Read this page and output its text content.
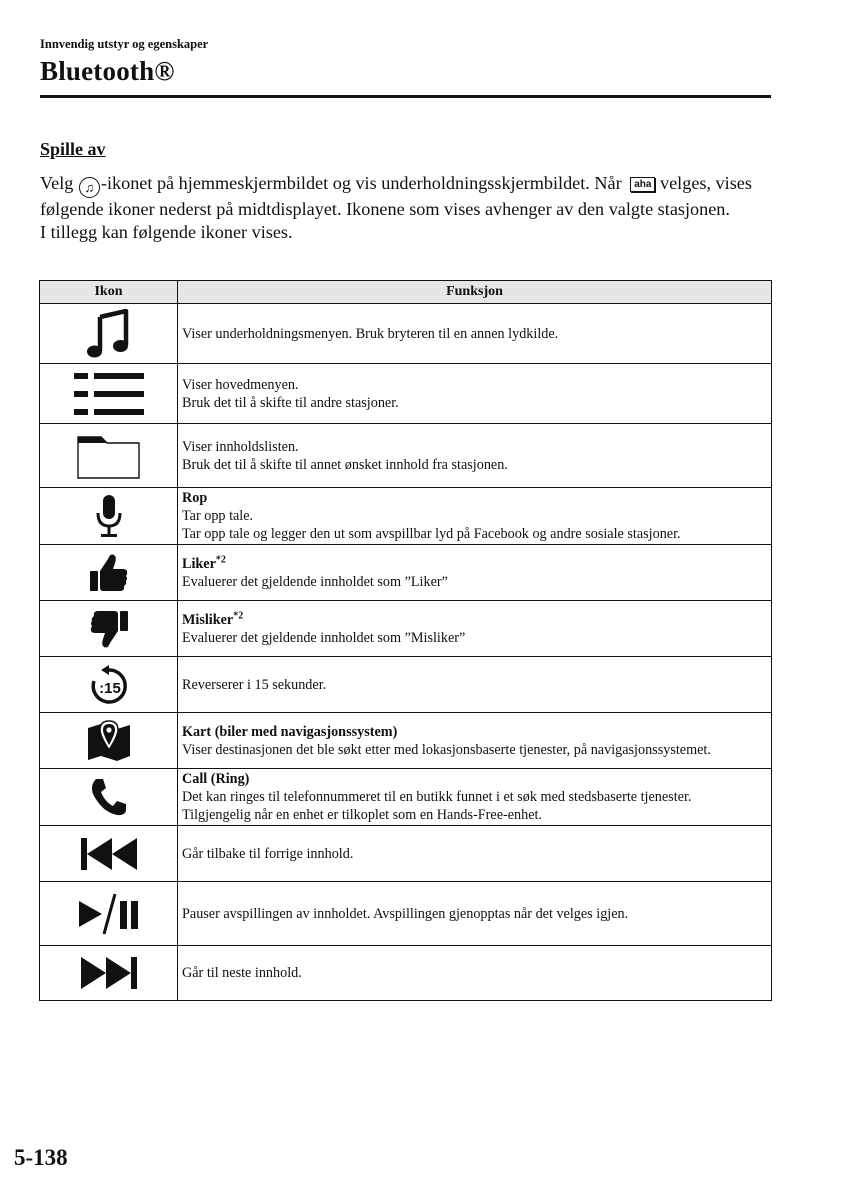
Innvendig utstyr og egenskaper
Bluetooth®
Spille av

Velg ♫ -ikonet på hjemmeskjermbildet og vis underholdningsskjermbildet. Når aha velges, vises følgende ikoner nederst på midtdisplayet. Ikonene som vises avhenger av den valgte stasjonen.

I tillegg kan følgende ikoner vises.

Ikon	Funksjon

Viser underholdningsmenyen. Bruk bryteren til en annen lydkilde.

Viser hovedmenyen.
Bruk det til å skifte til andre stasjoner.

Viser innholdslisten.
Bruk det til å skifte til annet ønsket innhold fra stasjonen.

Rop
Tar opp tale.
Tar opp tale og legger den ut som avspillbar lyd på Facebook og andre sosiale stasjoner.

Liker$^{*2}$
Evaluerer det gjeldende innholdet som ”Liker”

Misliker$^{*2}$
Evaluerer det gjeldende innholdet som ”Misliker”

:15	Reverserer i 15 sekunder.

Kart (biler med navigasjonssystem)
Viser destinasjonen det ble søkt etter med lokasjonsbaserte tjenester, på navigasjonssystemet.

Call (Ring)
Det kan ringes til telefonnummeret til en butikk funnet i et søk med stedsbaserte tjenester.
Tilgjengelig når en enhet er tilkoplet som en Hands-Free-enhet.

Går tilbake til forrige innhold.

Pauser avspillingen av innholdet. Avspillingen gjenopptas når det velges igjen.

Går til neste innhold.
5-138
